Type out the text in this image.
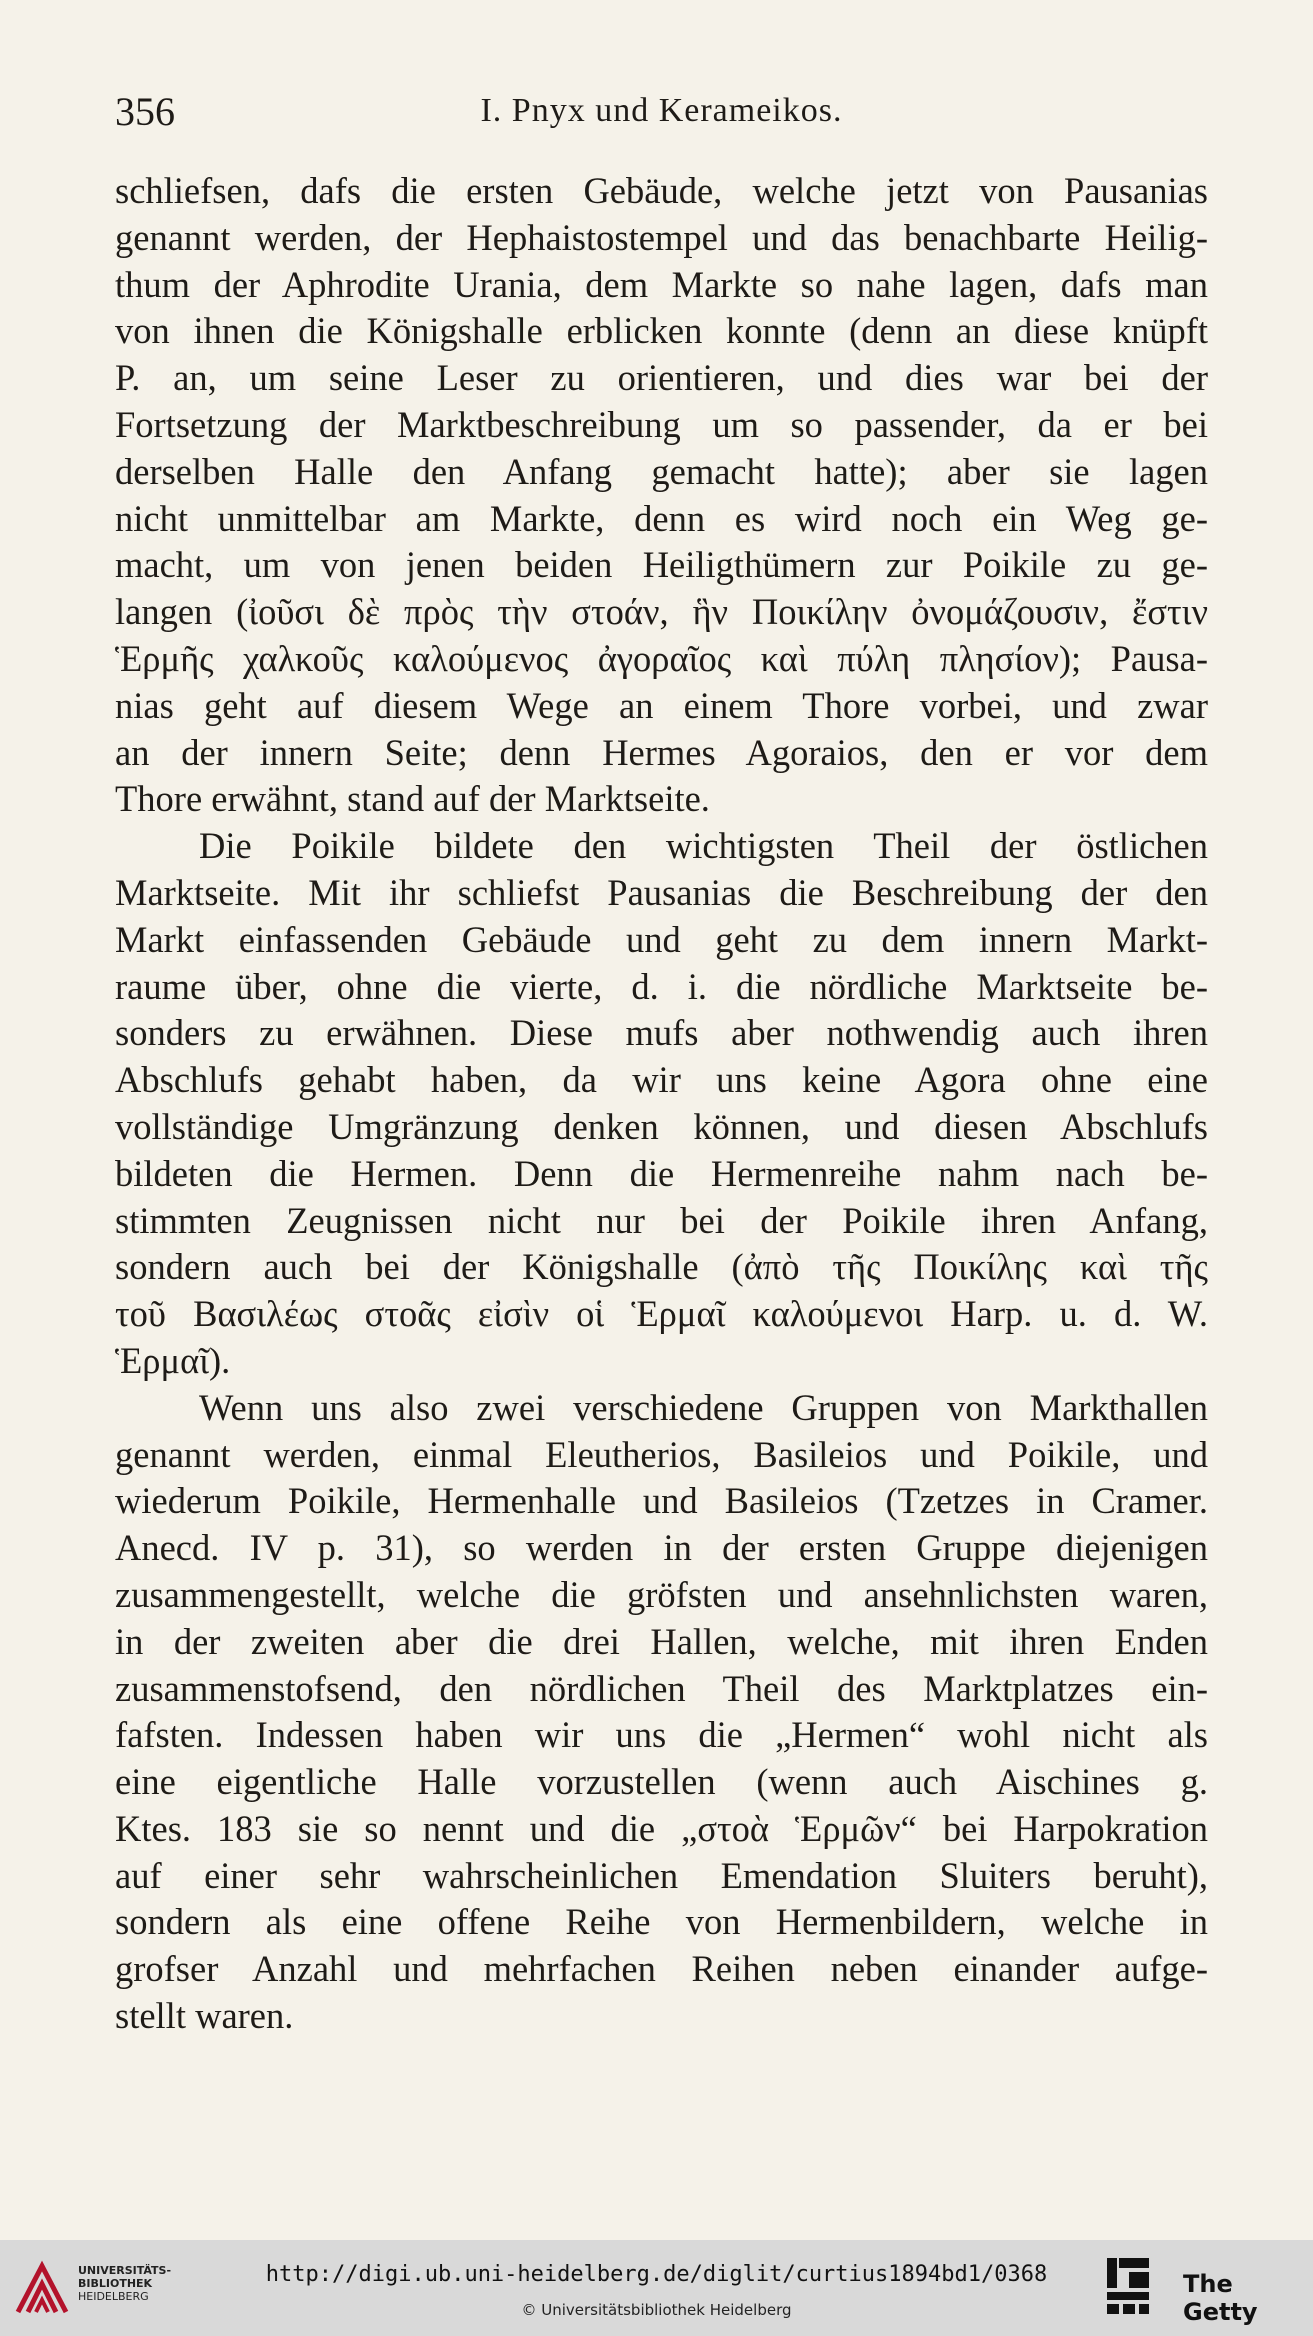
356	I. Pnyx und Kerameikos.
schliefsen, dafs die ersten Gebäude, welche jetzt von Pausanias
genannt werden, der Hephaistostempel und das benachbarte Heilig-
thum der Aphrodite Urania, dem Markte so nahe lagen, dafs man
von ihnen die Königshalle erblicken konnte (denn an diese knüpft
P. an, um seine Leser zu orientieren, und dies war bei der
Fortsetzung der Marktbeschreibung um so passender, da er bei
derselben Halle den Anfang gemacht hatte); aber sie lagen
nicht unmittelbar am Markte, denn es wird noch ein Weg ge-
macht, um von jenen beiden Heiligthümern zur Poikile zu ge-
langen (ἰοῦσι δὲ πρὸς τὴν στοάν, ἣν Ποικίλην ὀνομάζουσιν, ἔστιν
Ἑρμῆς χαλκοῦς καλούμενος ἀγοραῖος καὶ πύλη πλησίον); Pausa-
nias geht auf diesem Wege an einem Thore vorbei, und zwar
an der innern Seite; denn Hermes Agoraios, den er vor dem
Thore erwähnt, stand auf der Marktseite.
Die Poikile bildete den wichtigsten Theil der östlichen
Marktseite. Mit ihr schliefst Pausanias die Beschreibung der den
Markt einfassenden Gebäude und geht zu dem innern Markt-
raume über, ohne die vierte, d. i. die nördliche Marktseite be-
sonders zu erwähnen. Diese mufs aber nothwendig auch ihren
Abschlufs gehabt haben, da wir uns keine Agora ohne eine
vollständige Umgränzung denken können, und diesen Abschlufs
bildeten die Hermen. Denn die Hermenreihe nahm nach be-
stimmten Zeugnissen nicht nur bei der Poikile ihren Anfang,
sondern auch bei der Königshalle (ἀπὸ τῆς Ποικίλης καὶ τῆς
τοῦ Βασιλέως στοᾶς εἰσὶν οἱ Ἑρμαῖ καλούμενοι Harp. u. d. W.
Ἑρμαῖ).
Wenn uns also zwei verschiedene Gruppen von Markthallen
genannt werden, einmal Eleutherios, Basileios und Poikile, und
wiederum Poikile, Hermenhalle und Basileios (Tzetzes in Cramer.
Anecd. IV p. 31), so werden in der ersten Gruppe diejenigen
zusammengestellt, welche die gröfsten und ansehnlichsten waren,
in der zweiten aber die drei Hallen, welche, mit ihren Enden
zusammenstofsend, den nördlichen Theil des Marktplatzes ein-
fafsten. Indessen haben wir uns die „Hermen“ wohl nicht als
eine eigentliche Halle vorzustellen (wenn auch Aischines g.
Ktes. 183 sie so nennt und die „στοὰ Ἑρμῶν“ bei Harpokration
auf einer sehr wahrscheinlichen Emendation Sluiters beruht),
sondern als eine offene Reihe von Hermenbildern, welche in
grofser Anzahl und mehrfachen Reihen neben einander aufge-
stellt waren.
UNIVERSITÄTS-
BIBLIOTHEK
HEIDELBERG
http://digi.ub.uni-heidelberg.de/diglit/curtius1894bd1/0368
© Universitätsbibliothek Heidelberg
The Getty
